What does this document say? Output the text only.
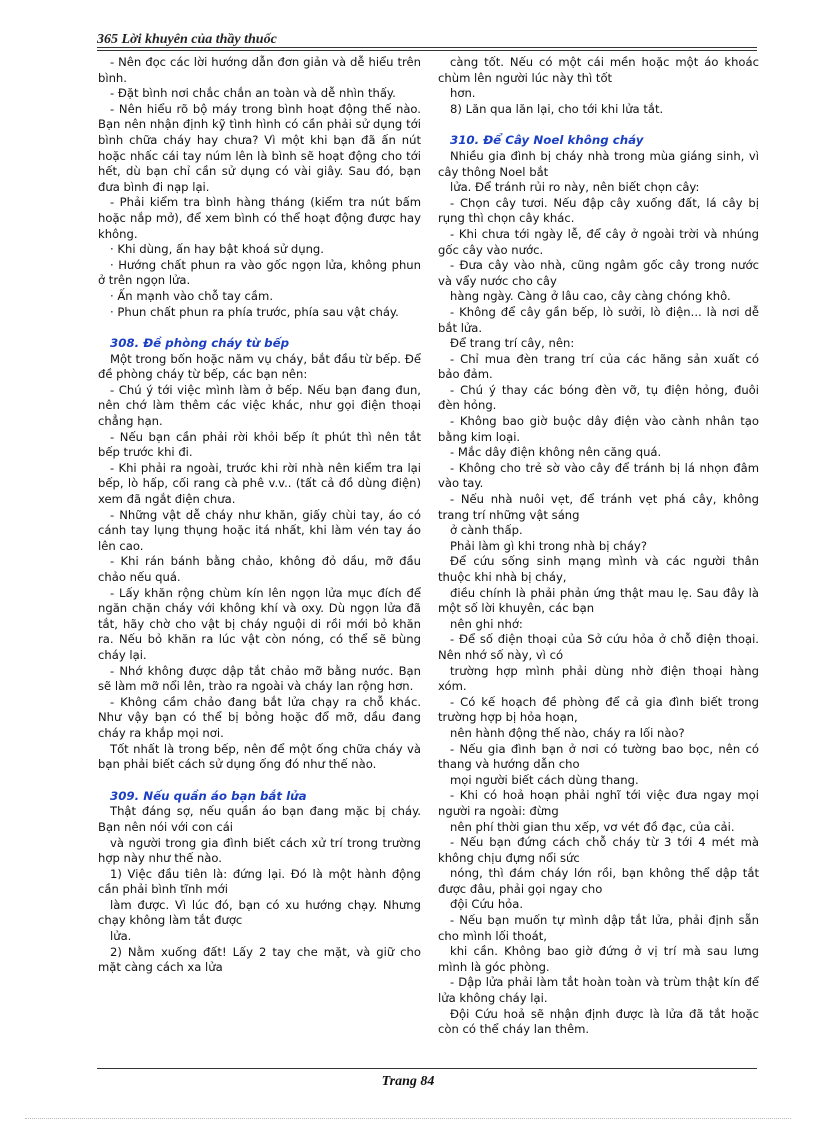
365 Lời khuyên của thầy thuốc

- Nên đọc các lời hướng dẫn đơn giản và dễ hiểu trên bình.

- Đặt bình nơi chắc chắn an toàn và dễ nhìn thấy.

- Nên hiểu rõ bộ máy trong bình hoạt động thế nào. Bạn nên nhận định kỹ tình hình có cần phải sử dụng tới bình chữa cháy hay chưa? Vì một khi bạn đã ấn nút hoặc nhấc cái tay núm lên là bình sẽ hoạt động cho tới hết, dù bạn chỉ cần sử dụng có vài giây. Sau đó, bạn đưa bình đi nạp lại.

- Phải kiểm tra bình hàng tháng (kiểm tra nút bấm hoặc nắp mở), để xem bình có thể hoạt động được hay không.

· Khi dùng, ấn hay bật khoá sử dụng.

· Hướng chất phun ra vào gốc ngọn lửa, không phun ở trên ngọn lửa.

· Ấn mạnh vào chỗ tay cầm.

· Phun chất phun ra phía trước, phía sau vật cháy.

308. Đề phòng cháy từ bếp

Một trong bốn hoặc năm vụ cháy, bắt đầu từ bếp. Để đề phòng cháy từ bếp, các bạn nên:

- Chú ý tới việc mình làm ở bếp. Nếu bạn đang đun, nên chớ làm thêm các việc khác, như gọi điện thoại chẳng hạn.

- Nếu bạn cần phải rời khỏi bếp ít phút thì nên tắt bếp trước khi đi.

- Khi phải ra ngoài, trước khi rời nhà nên kiểm tra lại bếp, lò hấp, cối rang cà phê v.v.. (tất cả đồ dùng điện) xem đã ngắt điện chưa.

- Những vật dễ cháy như khăn, giấy chùi tay, áo có cánh tay lụng thụng hoặc itá nhất, khi làm vén tay áo lên cao.

- Khi rán bánh bằng chảo, không đỏ dầu, mỡ đầu chảo nếu quá.

- Lấy khăn rộng chùm kín lên ngọn lửa mục đích để ngăn chặn cháy với không khí và oxy. Dù ngọn lửa đã tắt, hãy chờ cho vật bị cháy nguội di rồi mới bỏ khăn ra. Nếu bỏ khăn ra lúc vật còn nóng, có thể sẽ bùng cháy lại.

- Nhớ không được dập tắt chảo mỡ bằng nước. Bạn sẽ làm mỡ nổi lên, trào ra ngoài và cháy lan rộng hơn.

- Không cầm chảo đang bắt lửa chạy ra chỗ khác. Như vậy bạn có thể bị bỏng hoặc đổ mỡ, dầu đang cháy ra khắp mọi nơi.

Tốt nhất là trong bếp, nên để một ống chữa cháy và bạn phải biết cách sử dụng ống đó như thế nào.

309. Nếu quần áo bạn bắt lửa

Thật đáng sợ, nếu quần áo bạn đang mặc bị cháy. Bạn nên nói với con cái

và người trong gia đình biết cách xử trí trong trường hợp này như thế nào.

1) Việc đầu tiên là: đứng lại. Đó là một hành động cần phải bình tĩnh mới

làm được. Vì lúc đó, bạn có xu hướng chạy. Nhưng chạy không làm tắt được

lửa.

2) Nằm xuống đất! Lấy 2 tay che mặt, và giữ cho mặt càng cách xa lửa

càng tốt. Nếu có một cái mền hoặc một áo khoác chùm lên người lúc này thì tốt

hơn.

8) Lăn qua lăn lại, cho tới khi lửa tắt.

310. Để Cây Noel không cháy

Nhiều gia đình bị cháy nhà trong mùa giáng sinh, vì cây thông Noel bắt

lửa. Để tránh rủi ro này, nên biết chọn cây:

- Chọn cây tươi. Nếu đập cây xuống đất, lá cây bị rụng thì chọn cây khác.

- Khi chưa tới ngày lễ, để cây ở ngoài trời và nhúng gốc cây vào nước.

- Đưa cây vào nhà, cũng ngâm gốc cây trong nước và vẩy nước cho cây

hàng ngày. Càng ở lâu cao, cây càng chóng khô.

- Không để cây gần bếp, lò sưởi, lò điện... là nơi dễ bắt lửa.

Để trang trí cây, nên:

- Chỉ mua đèn trang trí của các hãng sản xuất có bảo đảm.

- Chú ý thay các bóng đèn vỡ, tụ điện hỏng, đuôi đèn hỏng.

- Không bao giờ buộc dây điện vào cành nhân tạo bằng kim loại.

- Mắc dây điện không nên căng quá.

- Không cho trẻ sờ vào cây để tránh bị lá nhọn đâm vào tay.

- Nếu nhà nuôi vẹt, để tránh vẹt phá cây, không trang trí những vật sáng

ở cành thấp.

Phải làm gì khi trong nhà bị cháy?

Để cứu sống sinh mạng mình và các người thân thuộc khi nhà bị cháy,

điều chính là phải phản ứng thật mau lẹ. Sau đây là một số lời khuyên, các bạn

nên ghi nhớ:

- Để số điện thoại của Sở cứu hỏa ở chỗ điện thoại. Nên nhớ số này, vì có

trường hợp mình phải dùng nhờ điện thoại hàng xóm.

- Có kế hoạch đề phòng để cả gia đình biết trong trường hợp bị hỏa hoạn,

nên hành động thế nào, cháy ra lối nào?

- Nếu gia đình bạn ở nơi có tường bao bọc, nên có thang và hướng dẫn cho

mọi người biết cách dùng thang.

- Khi có hoả hoạn phải nghĩ tới việc đưa ngay mọi người ra ngoài: đừng

nên phí thời gian thu xếp, vơ vét đồ đạc, của cải.

- Nếu bạn đứng cách chỗ cháy từ 3 tới 4 mét mà không chịu đựng nổi sức

nóng, thì đám cháy lớn rồi, bạn không thể dập tắt được đâu, phải gọi ngay cho

đội Cứu hỏa.

- Nếu bạn muốn tự mình dập tắt lửa, phải định sẵn cho mình lối thoát,

khi cần. Không bao giờ đứng ở vị trí mà sau lưng mình là góc phòng.

- Dập lửa phải làm tắt hoàn toàn và trùm thật kín để lửa không cháy lại.

Đội Cứu hoả sẽ nhận định được là lửa đã tắt hoặc còn có thể cháy lan thêm.

Trang 84
